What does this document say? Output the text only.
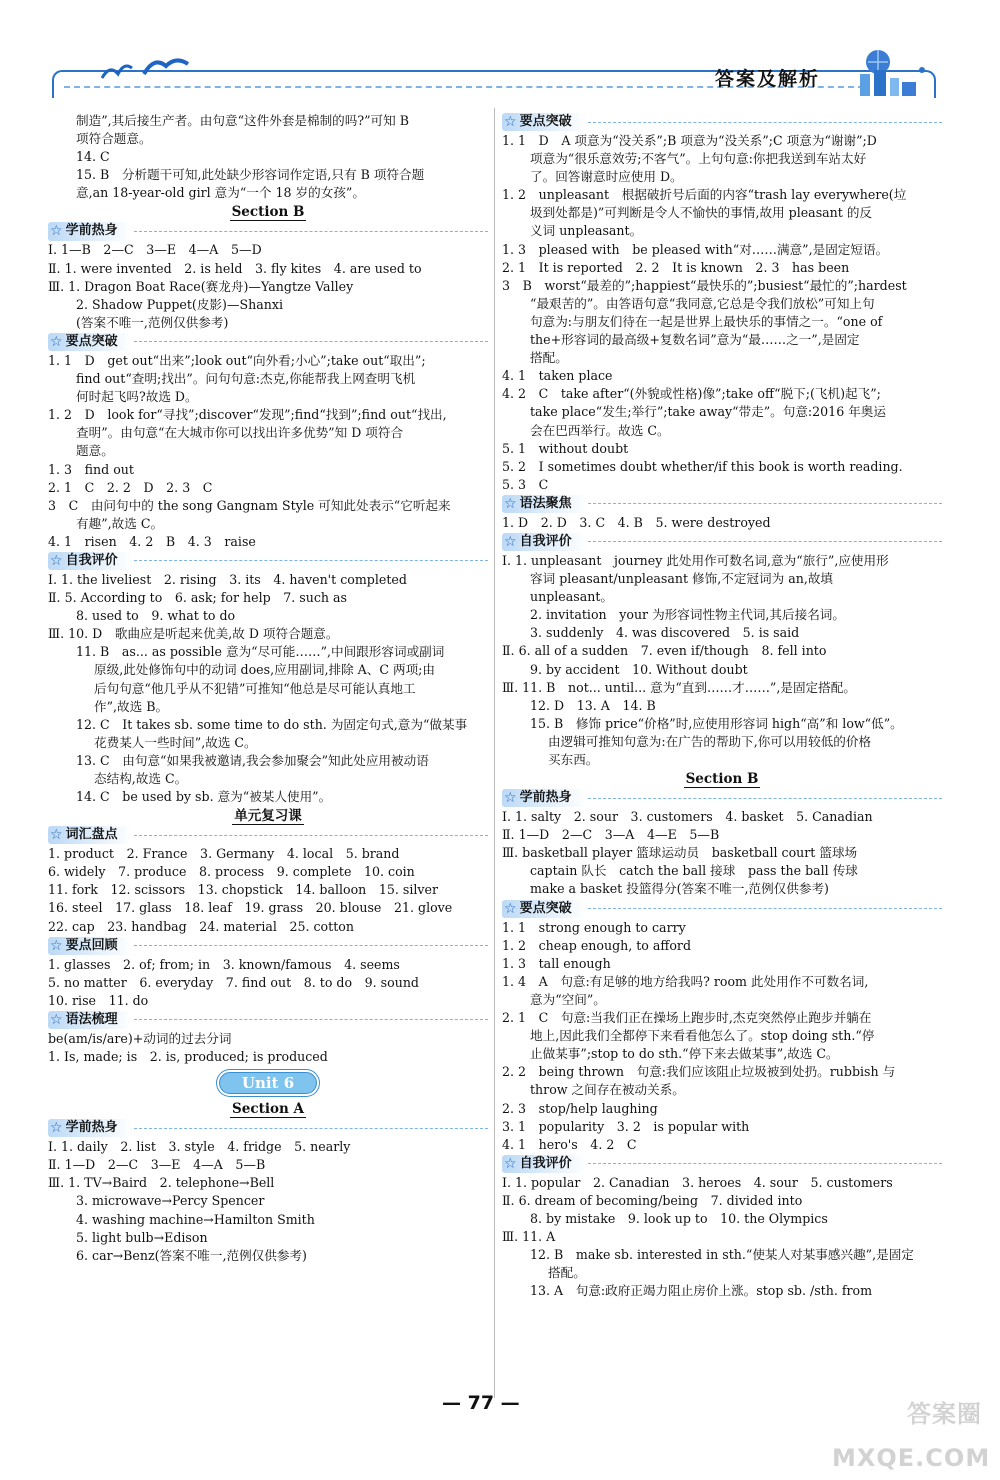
答案及解析
制造”,其后接生产者。由句意“这件外套是棉制的吗?”可知 B
项符合题意。
14. C
15. B　分析题干可知,此处缺少形容词作定语,只有 B 项符合题
意,an 18-year-old girl 意为“一个 18 岁的女孩”。
Section B
☆ 学前热身
Ⅰ. 1—B　2—C　3—E　4—A　5—D
Ⅱ. 1. were invented　2. is held　3. fly kites　4. are used to
Ⅲ. 1. Dragon Boat Race(赛龙舟)—Yangtze Valley
2. Shadow Puppet(皮影)—Shanxi
(答案不唯一,范例仅供参考)
☆ 要点突破
1. 1　D　get out“出来”;look out“向外看;小心”;take out“取出”;
find out“查明;找出”。问句句意:杰克,你能帮我上网查明飞机
何时起飞吗?故选 D。
1. 2　D　look for“寻找”;discover“发现”;find“找到”;find out“找出,
查明”。由句意“在大城市你可以找出许多优势”知 D 项符合
题意。
1. 3　find out
2. 1　C　2. 2　D　2. 3　C
3　C　由问句中的 the song Gangnam Style 可知此处表示“它听起来
有趣”,故选 C。
4. 1　risen　4. 2　B　4. 3　raise
☆ 自我评价
Ⅰ. 1. the liveliest　2. rising　3. its　4. haven't completed
Ⅱ. 5. According to　6. ask; for help　7. such as
8. used to　9. what to do
Ⅲ. 10. D　歌曲应是听起来优美,故 D 项符合题意。
11. B　as... as possible 意为“尽可能……”,中间跟形容词或副词
原级,此处修饰句中的动词 does,应用副词,排除 A、C 两项;由
后句句意“他几乎从不犯错”可推知“他总是尽可能认真地工
作”,故选 B。
12. C　It takes sb. some time to do sth. 为固定句式,意为“做某事
花费某人一些时间”,故选 C。
13. C　由句意“如果我被邀请,我会参加聚会”知此处应用被动语
态结构,故选 C。
14. C　be used by sb. 意为“被某人使用”。
单元复习课
☆ 词汇盘点
1. product　2. France　3. Germany　4. local　5. brand
6. widely　7. produce　8. process　9. complete　10. coin
11. fork　12. scissors　13. chopstick　14. balloon　15. silver
16. steel　17. glass　18. leaf　19. grass　20. blouse　21. glove
22. cap　23. handbag　24. material　25. cotton
☆ 要点回顾
1. glasses　2. of; from; in　3. known/famous　4. seems
5. no matter　6. everyday　7. find out　8. to do　9. sound
10. rise　11. do
☆ 语法梳理
be(am/is/are)+动词的过去分词
1. Is, made; is　2. is, produced; is produced
Unit 6
Section A
☆ 学前热身
Ⅰ. 1. daily　2. list　3. style　4. fridge　5. nearly
Ⅱ. 1—D　2—C　3—E　4—A　5—B
Ⅲ. 1. TV→Baird　2. telephone→Bell
3. microwave→Percy Spencer
4. washing machine→Hamilton Smith
5. light bulb→Edison
6. car→Benz(答案不唯一,范例仅供参考)
☆ 要点突破
1. 1　D　A 项意为“没关系”;B 项意为“没关系”;C 项意为“谢谢”;D
项意为“很乐意效劳;不客气”。上句句意:你把我送到车站太好
了。回答谢意时应使用 D。
1. 2　unpleasant　根据破折号后面的内容“trash lay everywhere(垃
圾到处都是)”可判断是令人不愉快的事情,故用 pleasant 的反
义词 unpleasant。
1. 3　pleased with　be pleased with“对……满意”,是固定短语。
2. 1　It is reported　2. 2　It is known　2. 3　has been
3　B　worst“最差的”;happiest“最快乐的”;busiest“最忙的”;hardest
“最艰苦的”。由答语句意“我同意,它总是令我们放松”可知上句
句意为:与朋友们待在一起是世界上最快乐的事情之一。“one of
the+形容词的最高级+复数名词”意为“最……之一”,是固定
搭配。
4. 1　taken place
4. 2　C　take after“(外貌或性格)像”;take off“脱下;(飞机)起飞”;
take place“发生;举行”;take away“带走”。句意:2016 年奥运
会在巴西举行。故选 C。
5. 1　without doubt
5. 2　I sometimes doubt whether/if this book is worth reading.
5. 3　C
☆ 语法聚焦
1. D　2. D　3. C　4. B　5. were destroyed
☆ 自我评价
Ⅰ. 1. unpleasant　journey 此处用作可数名词,意为“旅行”,应使用形
容词 pleasant/unpleasant 修饰,不定冠词为 an,故填
unpleasant。
2. invitation　your 为形容词性物主代词,其后接名词。
3. suddenly　4. was discovered　5. is said
Ⅱ. 6. all of a sudden　7. even if/though　8. fell into
9. by accident　10. Without doubt
Ⅲ. 11. B　not... until... 意为“直到……才……”,是固定搭配。
12. D　13. A　14. B
15. B　修饰 price“价格”时,应使用形容词 high“高”和 low“低”。
由逻辑可推知句意为:在广告的帮助下,你可以用较低的价格
买东西。
Section B
☆ 学前热身
Ⅰ. 1. salty　2. sour　3. customers　4. basket　5. Canadian
Ⅱ. 1—D　2—C　3—A　4—E　5—B
Ⅲ. basketball player 篮球运动员　basketball court 篮球场
captain 队长　catch the ball 接球　pass the ball 传球
make a basket 投篮得分(答案不唯一,范例仅供参考)
☆ 要点突破
1. 1　strong enough to carry
1. 2　cheap enough, to afford
1. 3　tall enough
1. 4　A　句意:有足够的地方给我吗? room 此处用作不可数名词,
意为“空间”。
2. 1　C　句意:当我们正在操场上跑步时,杰克突然停止跑步并躺在
地上,因此我们全都停下来看看他怎么了。stop doing sth.“停
止做某事”;stop to do sth.“停下来去做某事”,故选 C。
2. 2　being thrown　句意:我们应该阻止垃圾被到处扔。rubbish 与
throw 之间存在被动关系。
2. 3　stop/help laughing
3. 1　popularity　3. 2　is popular with
4. 1　hero's　4. 2　C
☆ 自我评价
Ⅰ. 1. popular　2. Canadian　3. heroes　4. sour　5. customers
Ⅱ. 6. dream of becoming/being　7. divided into
8. by mistake　9. look up to　10. the Olympics
Ⅲ. 11. A
12. B　make sb. interested in sth.“使某人对某事感兴趣”,是固定
搭配。
13. A　句意:政府正竭力阻止房价上涨。stop sb. /sth. from
— 77 —	答案圈 MXQE.COM
